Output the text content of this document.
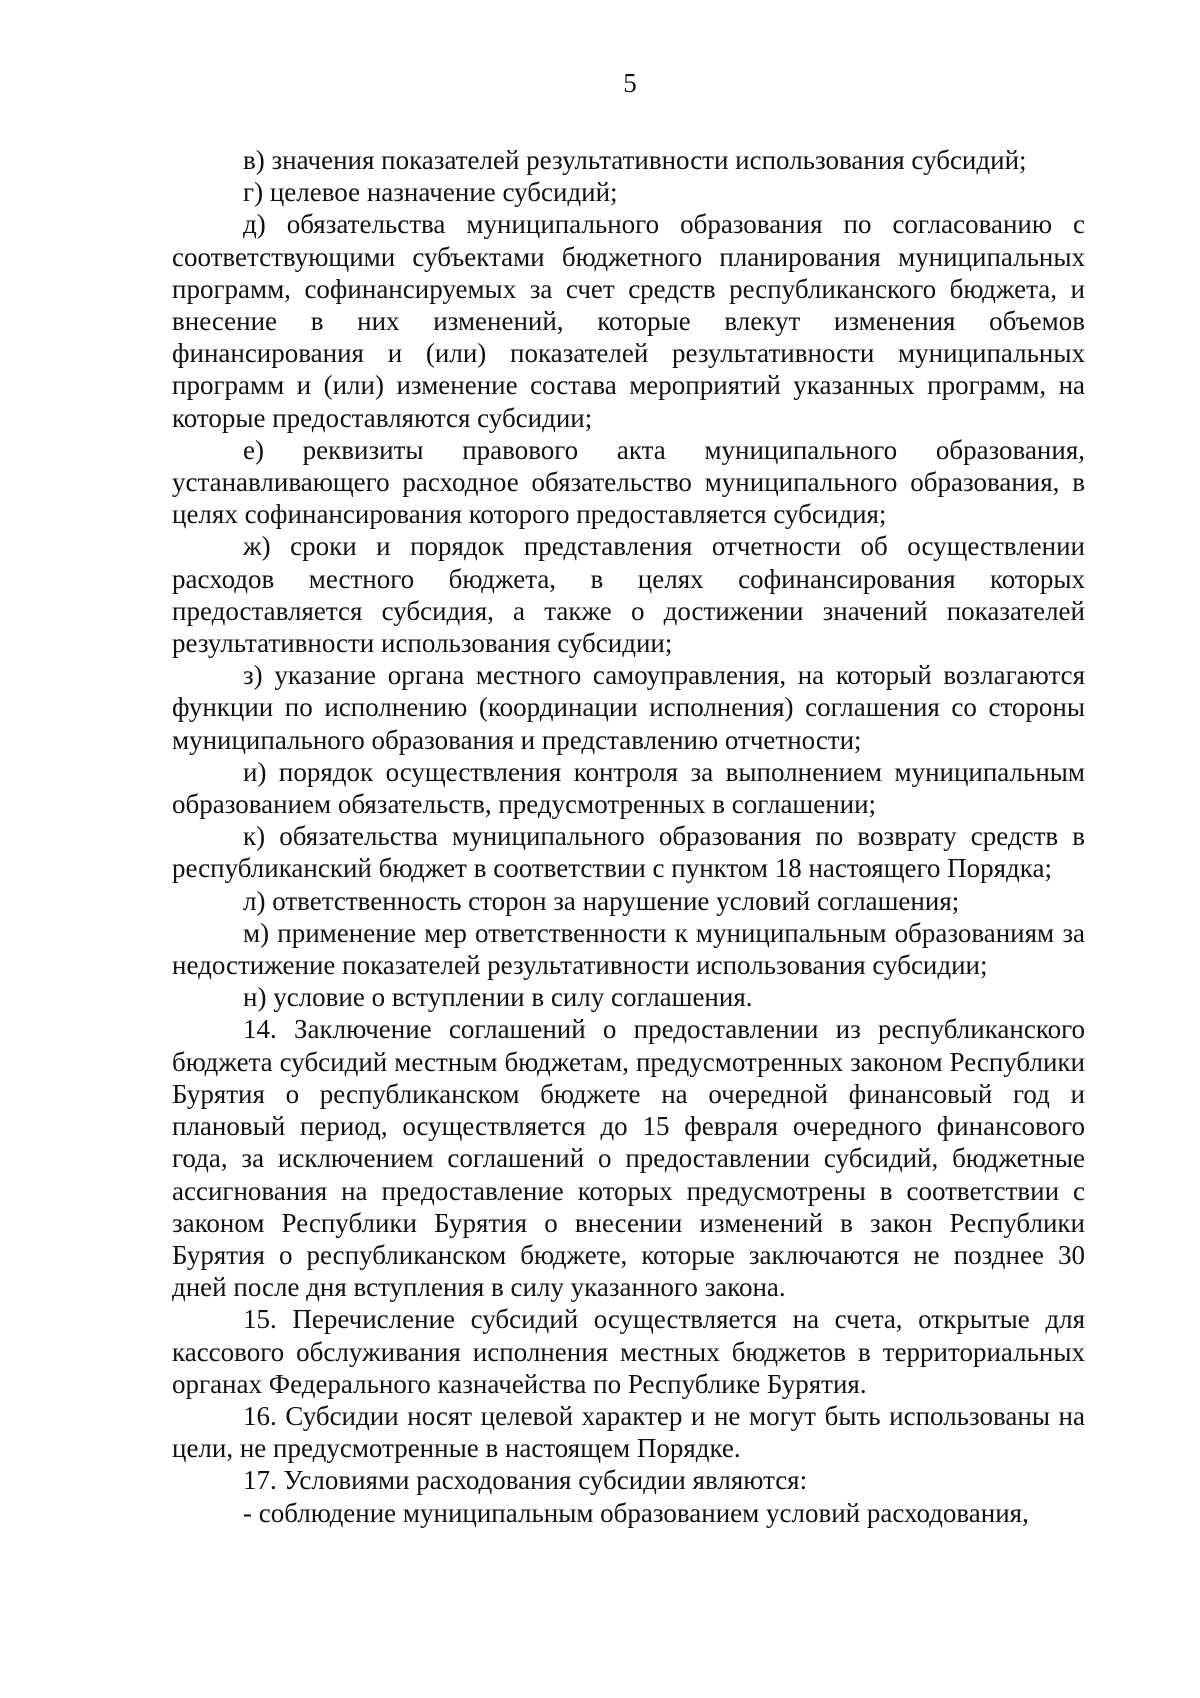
5

в) значения показателей результативности использования субсидий;

г) целевое назначение субсидий;

д) обязательства муниципального образования по согласованию с соответствующими субъектами бюджетного планирования муниципальных программ, софинансируемых за счет средств республиканского бюджета, и внесение в них изменений, которые влекут изменения объемов финансирования и (или) показателей результативности муниципальных программ и (или) изменение состава мероприятий указанных программ, на которые предоставляются субсидии;

е) реквизиты правового акта муниципального образования, устанавливающего расходное обязательство муниципального образования, в целях софинансирования которого предоставляется субсидия;

ж) сроки и порядок представления отчетности об осуществлении расходов местного бюджета, в целях софинансирования которых предоставляется субсидия, а также о достижении значений показателей результативности использования субсидии;

з) указание органа местного самоуправления, на который возлагаются функции по исполнению (координации исполнения) соглашения со стороны муниципального образования и представлению отчетности;

и) порядок осуществления контроля за выполнением муниципальным образованием обязательств, предусмотренных в соглашении;

к) обязательства муниципального образования по возврату средств в республиканский бюджет в соответствии с пунктом 18 настоящего Порядка;

л) ответственность сторон за нарушение условий соглашения;

м) применение мер ответственности к муниципальным образованиям за недостижение показателей результативности использования субсидии;

н) условие о вступлении в силу соглашения.

14. Заключение соглашений о предоставлении из республиканского бюджета субсидий местным бюджетам, предусмотренных законом Республики Бурятия о республиканском бюджете на очередной финансовый год и плановый период, осуществляется до 15 февраля очередного финансового года, за исключением соглашений о предоставлении субсидий, бюджетные ассигнования на предоставление которых предусмотрены в соответствии с законом Республики Бурятия о внесении изменений в закон Республики Бурятия о республиканском бюджете, которые заключаются не позднее 30 дней после дня вступления в силу указанного закона.

15. Перечисление субсидий осуществляется на счета, открытые для кассового обслуживания исполнения местных бюджетов в территориальных органах Федерального казначейства по Республике Бурятия.

16. Субсидии носят целевой характер и не могут быть использованы на цели, не предусмотренные в настоящем Порядке.

17. Условиями расходования субсидии являются:

- соблюдение муниципальным образованием условий расходования,
